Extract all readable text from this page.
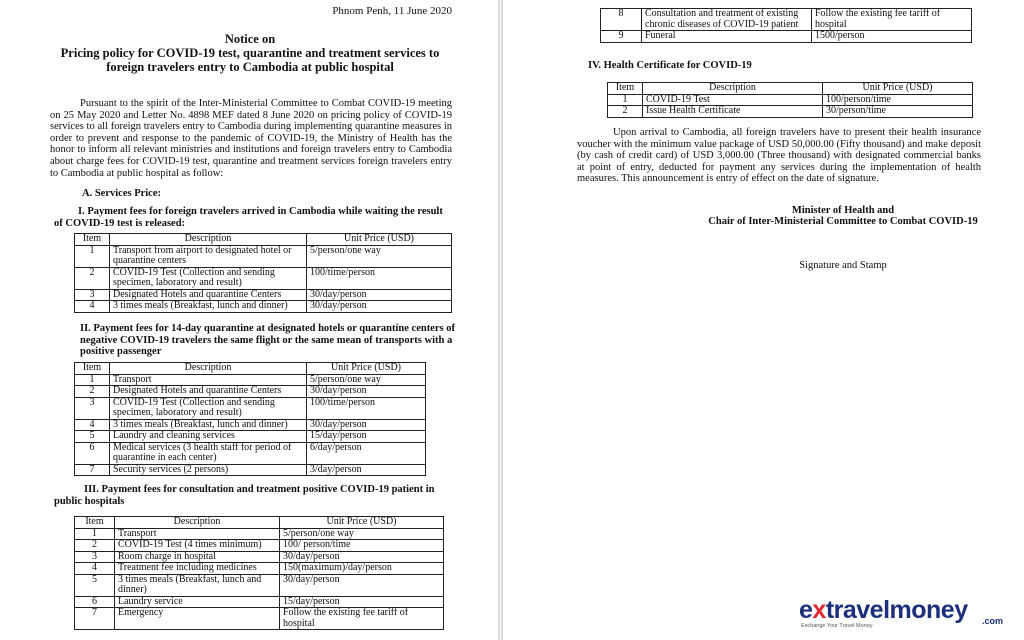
Phnom Penh, 11 June 2020
Notice on
Pricing policy for COVID-19 test, quarantine and treatment services to
foreign travelers entry to Cambodia at public hospital

Pursuant to the spirit of the Inter-Ministerial Committee to Combat COVID-19 meeting on 25 May 2020 and Letter No. 4898 MEF dated 8 June 2020 on pricing policy of COVID-19 services to all foreign travelers entry to Cambodia during implementing quarantine measures in order to prevent and response to the pandemic of COVID-19, the Ministry of Health has the honor to inform all relevant ministries and institutions and foreign travelers entry to Cambodia about charge fees for COVID-19 test, quarantine and treatment services foreign travelers entry to Cambodia at public hospital as follow:

A. Services Price:
I. Payment fees for foreign travelers arrived in Cambodia while waiting the result of COVID-19 test is released:
Item	Description	Unit Price (USD)
1	Transport from airport to designated hotel or quarantine centers	5/person/one way
2	COVID-19 Test (Collection and sending specimen, laboratory and result)	100/time/person
3	Designated Hotels and quarantine Centers	30/day/person
4	3 times meals (Breakfast, lunch and dinner)	30/day/person
II. Payment fees for 14-day quarantine at designated hotels or quarantine centers of negative COVID-19 travelers the same flight or the same mean of transports with a positive passenger
Item	Description	Unit Price (USD)
1	Transport	5/person/one way
2	Designated Hotels and quarantine Centers	30/day/person
3	COVID-19 Test (Collection and sending specimen, laboratory and result)	100/time/person
4	3 times meals (Breakfast, lunch and dinner)	30/day/person
5	Laundry and cleaning services	15/day/person
6	Medical services (3 health staff for period of quarantine in each center)	6/day/person
7	Security services (2 persons)	3/day/person
III. Payment fees for consultation and treatment positive COVID-19 patient in public hospitals
Item	Description	Unit Price (USD)
1	Transport	5/person/one way
2	COVID-19 Test (4 times minimum)	100/ person/time
3	Room charge in hospital	30/day/person
4	Treatment fee including medicines	150(maximum)/day/person
5	3 times meals (Breakfast, lunch and dinner)	30/day/person
6	Laundry service	15/day/person
7	Emergency	Follow the existing fee tariff of hospital
8	Consultation and treatment of existing chronic diseases of COVID-19 patient	Follow the existing fee tariff of hospital
9	Funeral	1500/person
IV. Health Certificate for COVID-19
Item	Description	Unit Price (USD)
1	COVID-19 Test	100/person/time
2	Issue Health Certificate	30/person/time

Upon arrival to Cambodia, all foreign travelers have to present their health insurance voucher with the minimum value package of USD 50,000.00 (Fifty thousand) and make deposit (by cash of credit card) of USD 3,000.00 (Three thousand) with designated commercial banks at point of entry, deducted for payment any services during the implementation of health measures. This announcement is entry of effect on the date of signature.

Minister of Health and
Chair of Inter-Ministerial Committee to Combat COVID-19
Signature and Stamp
extravelmoney	.com
Exchange Your Travel Money
